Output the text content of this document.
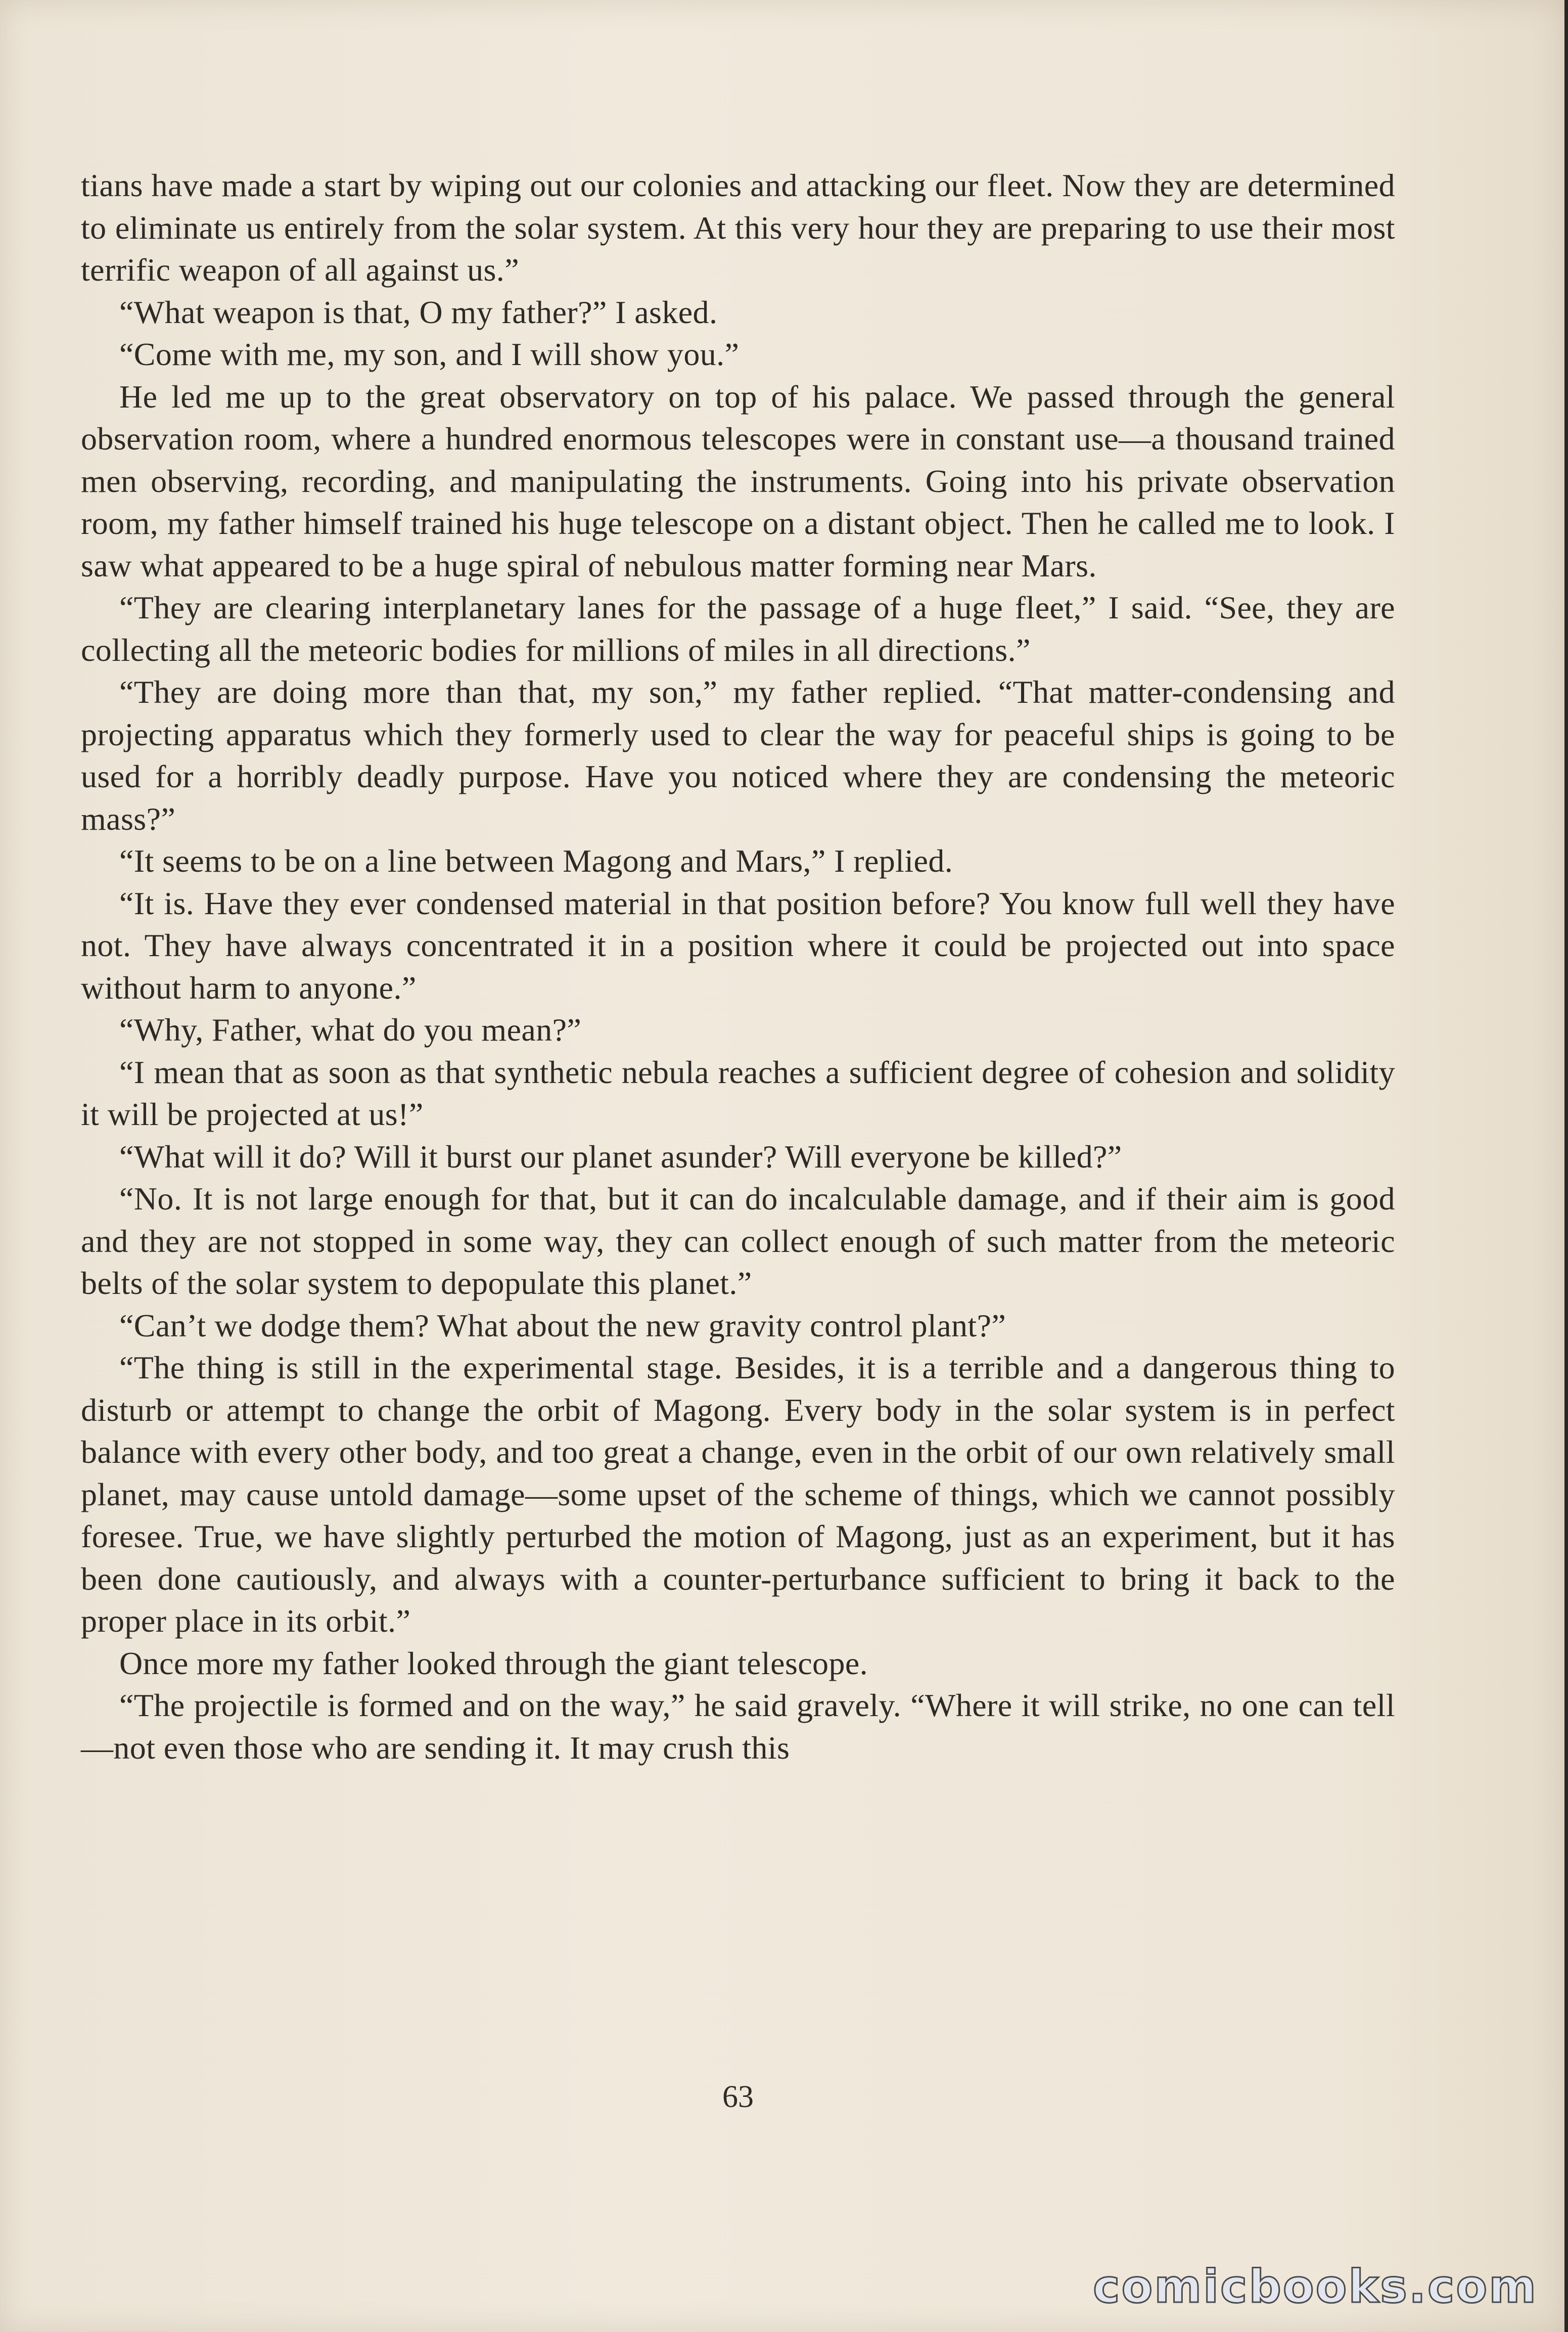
tians have made a start by wiping out our colonies and attacking our fleet. Now they are determined to eliminate us entirely from the solar system. At this very hour they are preparing to use their most terrific weapon of all against us.”

“What weapon is that, O my father?” I asked.

“Come with me, my son, and I will show you.”

He led me up to the great observatory on top of his palace. We passed through the general observation room, where a hundred enormous telescopes were in constant use—a thousand trained men observing, recording, and manipulating the instruments. Going into his private observation room, my father himself trained his huge telescope on a distant object. Then he called me to look. I saw what appeared to be a huge spiral of nebulous matter forming near Mars.

“They are clearing interplanetary lanes for the passage of a huge fleet,” I said. “See, they are collecting all the meteoric bodies for millions of miles in all directions.”

“They are doing more than that, my son,” my father replied. “That matter-condensing and projecting apparatus which they formerly used to clear the way for peaceful ships is going to be used for a horribly deadly purpose. Have you noticed where they are condensing the meteoric mass?”

“It seems to be on a line between Magong and Mars,” I replied.

“It is. Have they ever condensed material in that position before? You know full well they have not. They have always concentrated it in a position where it could be projected out into space without harm to anyone.”

“Why, Father, what do you mean?”

“I mean that as soon as that synthetic nebula reaches a sufficient degree of cohesion and solidity it will be projected at us!”

“What will it do? Will it burst our planet asunder? Will everyone be killed?”

“No. It is not large enough for that, but it can do incalculable damage, and if their aim is good and they are not stopped in some way, they can collect enough of such matter from the meteoric belts of the solar system to depopulate this planet.”

“Can’t we dodge them? What about the new gravity control plant?”

“The thing is still in the experimental stage. Besides, it is a terrible and a dangerous thing to disturb or attempt to change the orbit of Magong. Every body in the solar system is in perfect balance with every other body, and too great a change, even in the orbit of our own relatively small planet, may cause untold damage—some upset of the scheme of things, which we cannot possibly foresee. True, we have slightly perturbed the motion of Magong, just as an experiment, but it has been done cautiously, and always with a counter-perturbance sufficient to bring it back to the proper place in its orbit.”

Once more my father looked through the giant telescope.

“The projectile is formed and on the way,” he said gravely. “Where it will strike, no one can tell—not even those who are sending it. It may crush this

63
comicbooks.com
